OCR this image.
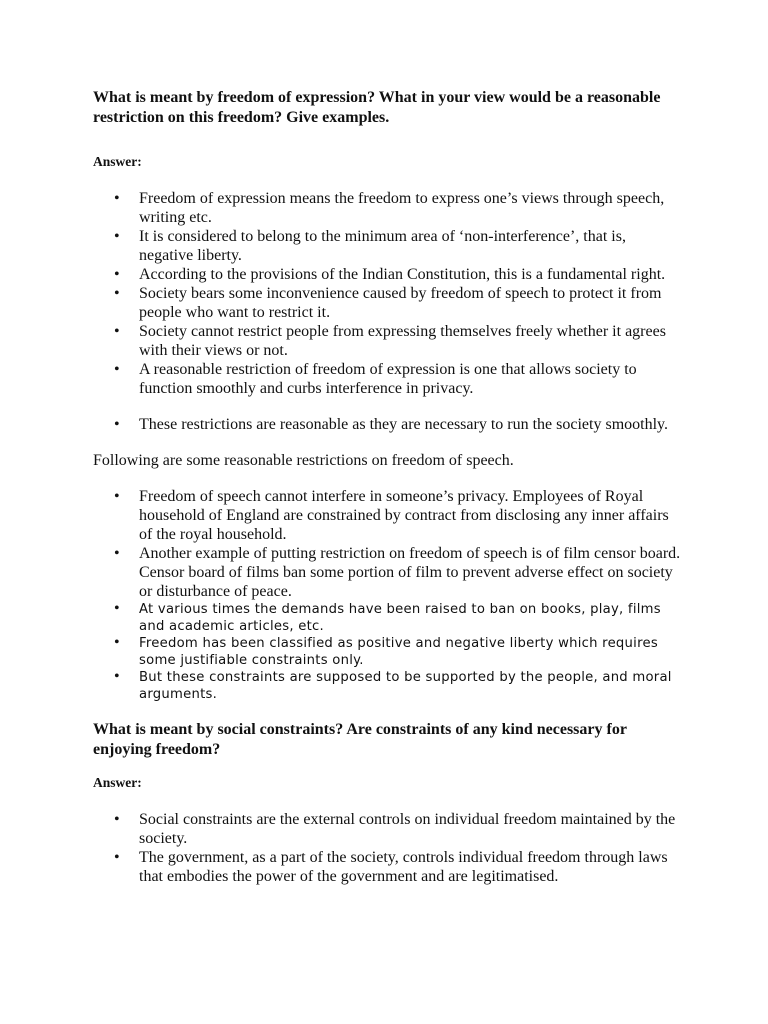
What is meant by freedom of expression? What in your view would be a reasonable restriction on this freedom? Give examples.

Answer:

• Freedom of expression means the freedom to express one’s views through speech, writing etc.
• It is considered to belong to the minimum area of ‘non-interference’, that is, negative liberty.
• According to the provisions of the Indian Constitution, this is a fundamental right.
• Society bears some inconvenience caused by freedom of speech to protect it from people who want to restrict it.
• Society cannot restrict people from expressing themselves freely whether it agrees with their views or not.
• A reasonable restriction of freedom of expression is one that allows society to function smoothly and curbs interference in privacy.
• These restrictions are reasonable as they are necessary to run the society smoothly.

Following are some reasonable restrictions on freedom of speech.

• Freedom of speech cannot interfere in someone’s privacy. Employees of Royal household of England are constrained by contract from disclosing any inner affairs of the royal household.
• Another example of putting restriction on freedom of speech is of film censor board. Censor board of films ban some portion of film to prevent adverse effect on society or disturbance of peace.
• At various times the demands have been raised to ban on books, play, films and academic articles, etc.
• Freedom has been classified as positive and negative liberty which requires some justifiable constraints only.
• But these constraints are supposed to be supported by the people, and moral arguments.

What is meant by social constraints? Are constraints of any kind necessary for enjoying freedom?

Answer:

• Social constraints are the external controls on individual freedom maintained by the society.
• The government, as a part of the society, controls individual freedom through laws that embodies the power of the government and are legitimatised.
